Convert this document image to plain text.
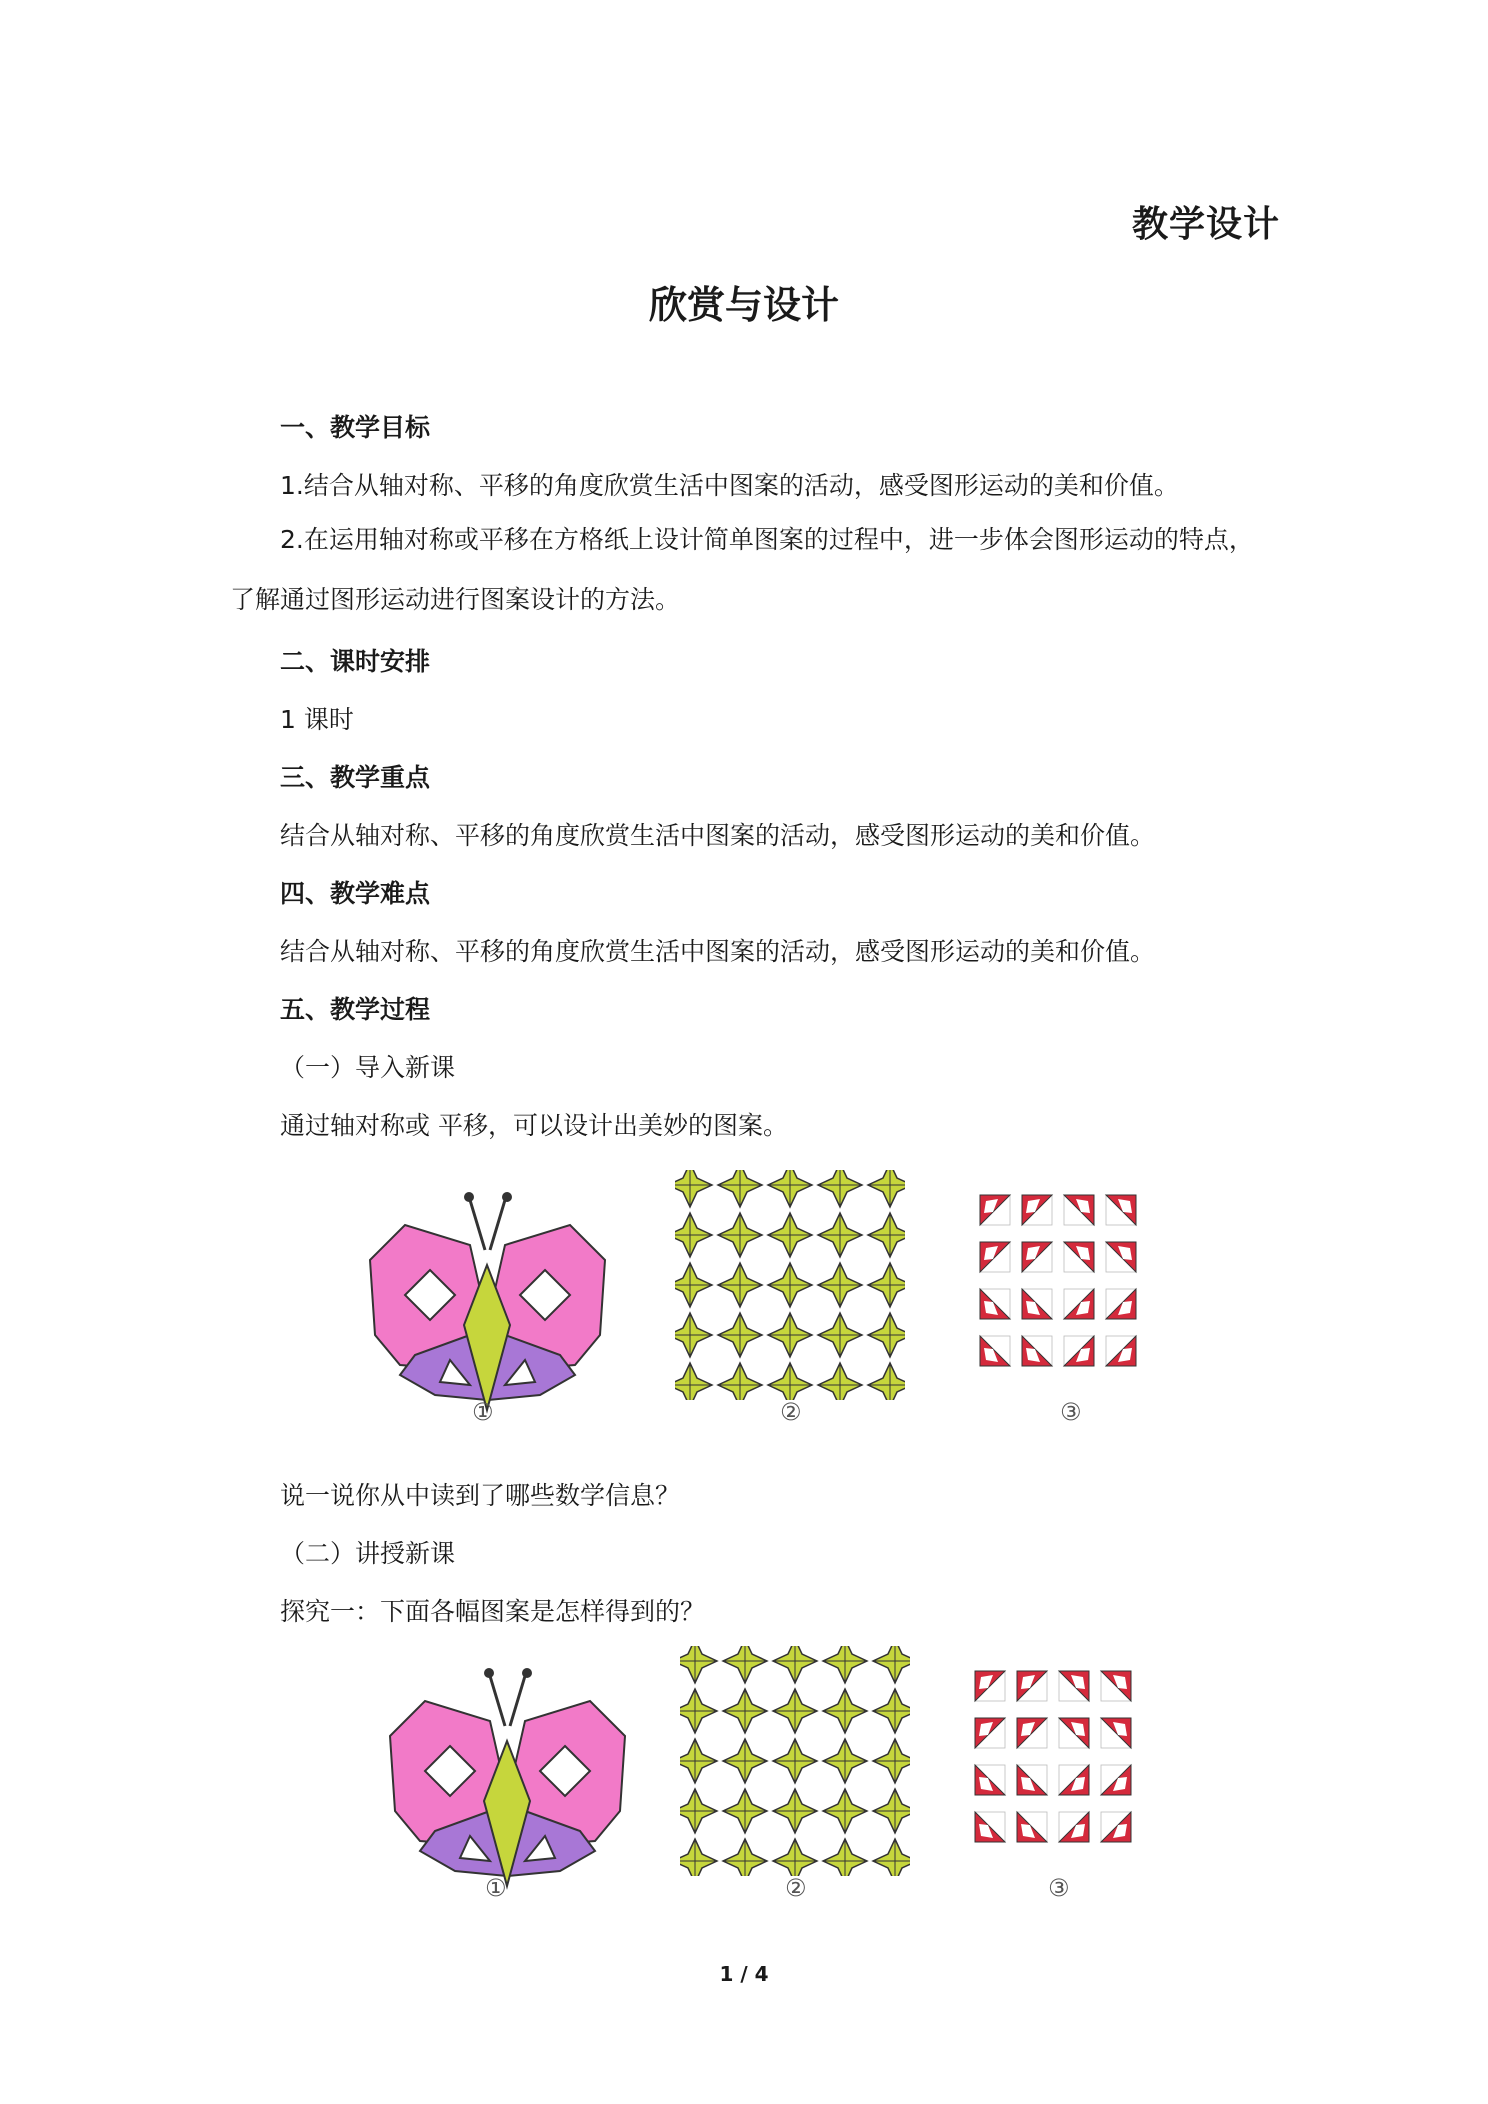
教学设计
欣赏与设计
一、教学目标
1.结合从轴对称、平移的角度欣赏生活中图案的活动，感受图形运动的美和价值。
2.在运用轴对称或平移在方格纸上设计简单图案的过程中，进一步体会图形运动的特点，了解通过图形运动进行图案设计的方法。
二、课时安排
1 课时
三、教学重点
结合从轴对称、平移的角度欣赏生活中图案的活动，感受图形运动的美和价值。
四、教学难点
结合从轴对称、平移的角度欣赏生活中图案的活动，感受图形运动的美和价值。
五、教学过程
（一）导入新课
通过轴对称或 平移，可以设计出美妙的图案。
①	②	③
说一说你从中读到了哪些数学信息？
（二）讲授新课
探究一：下面各幅图案是怎样得到的？
①	②	③
1 / 4
